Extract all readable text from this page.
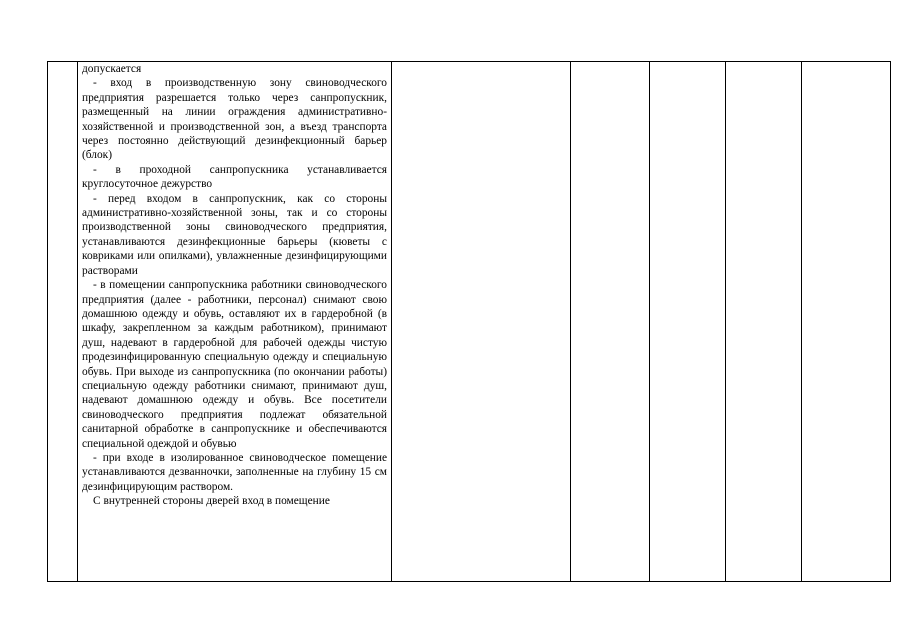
допускается

- вход в производственную зону свиноводческого предприятия разрешается только через санпропускник, размещенный на линии ограждения административно-хозяйственной и производственной зон, а въезд транспорта через постоянно действующий дезинфекционный барьер (блок)

- в проходной санпропускника устанавливается круглосуточное дежурство

- перед входом в санпропускник, как со стороны административно-хозяйственной зоны, так и со стороны производственной зоны свиноводческого предприятия, устанавливаются дезинфекционные барьеры (кюветы с ковриками или опилками), увлажненные дезинфицирующими растворами

- в помещении санпропускника работники свиноводческого предприятия (далее - работники, персонал) снимают свою домашнюю одежду и обувь, оставляют их в гардеробной (в шкафу, закрепленном за каждым работником), принимают душ, надевают в гардеробной для рабочей одежды чистую продезинфицированную специальную одежду и специальную обувь. При выходе из санпропускника (по окончании работы) специальную одежду работники снимают, принимают душ, надевают домашнюю одежду и обувь. Все посетители свиноводческого предприятия подлежат обязательной санитарной обработке в санпропускнике и обеспечиваются специальной одеждой и обувью

- при входе в изолированное свиноводческое помещение устанавливаются дезванночки, заполненные на глубину 15 см дезинфицирующим раствором.

С внутренней стороны дверей вход в помещение
